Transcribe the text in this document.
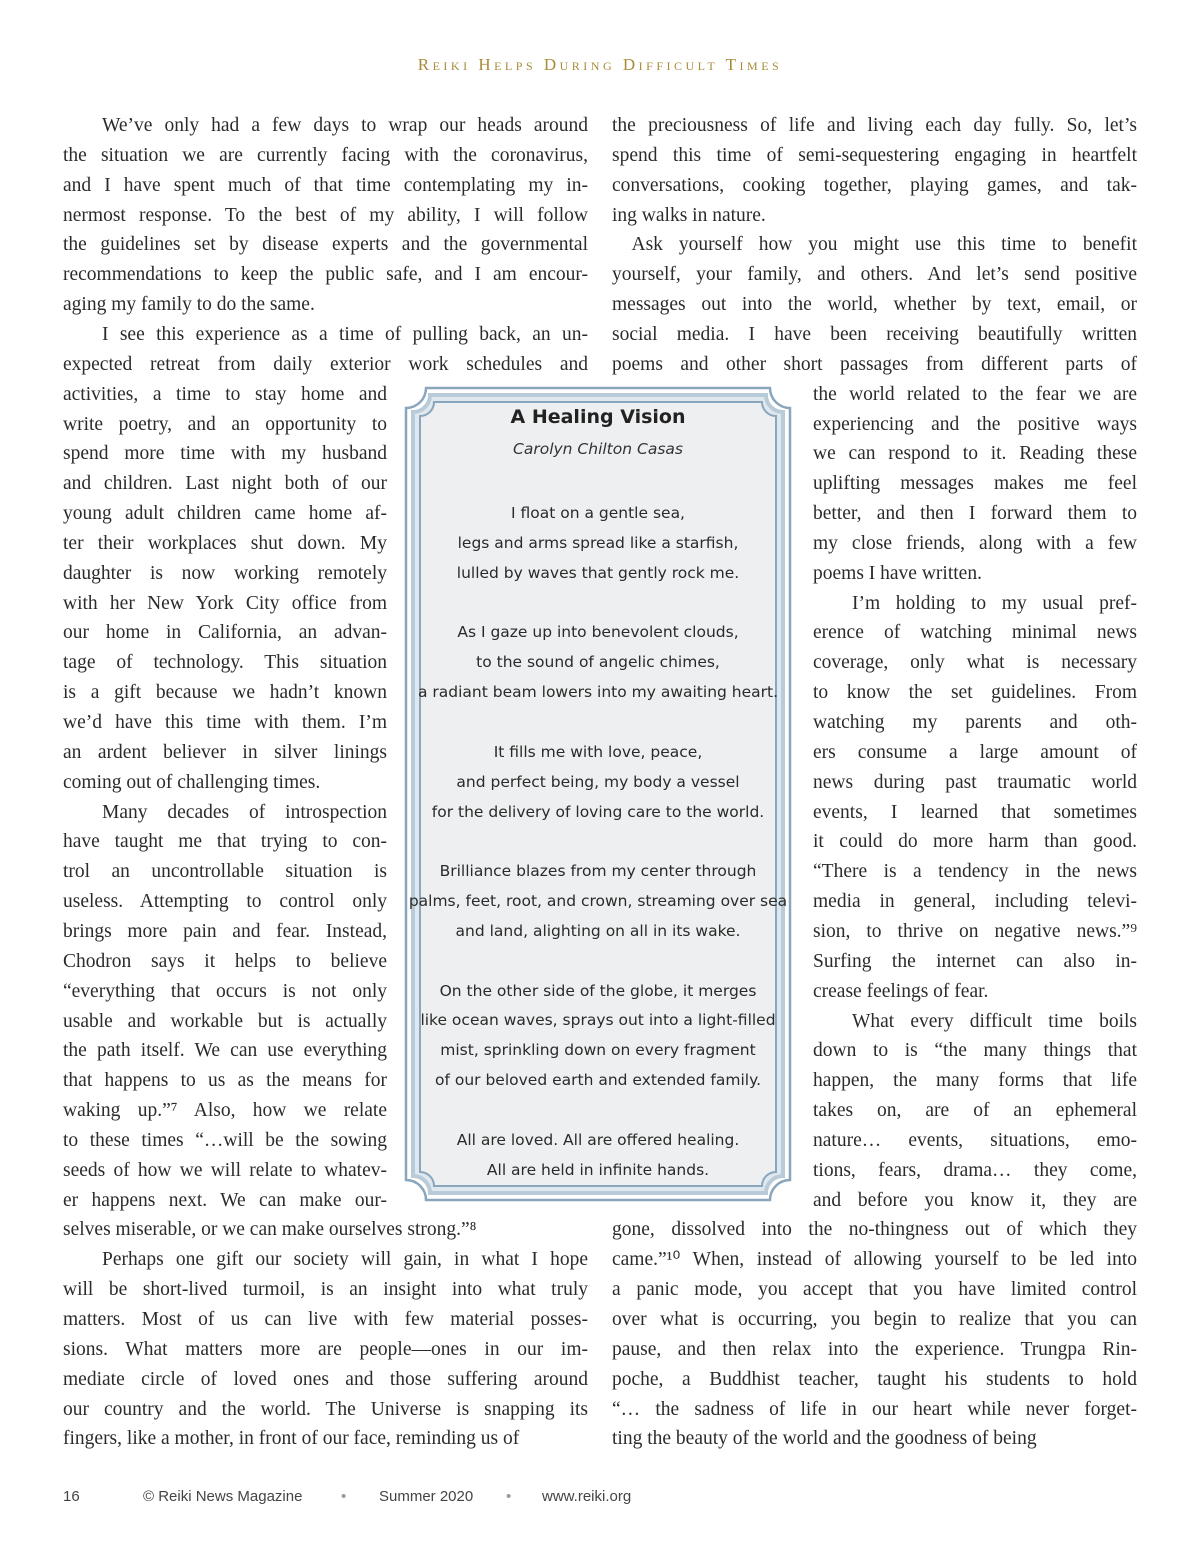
Reiki Helps During Difficult Times
  We’ve only had a few days to wrap our heads around
the situation we are currently facing with the coronavirus,
and I have spent much of that time contemplating my in-
nermost response. To the best of my ability, I will follow
the guidelines set by disease experts and the governmental
recommendations to keep the public safe, and I am encour-
aging my family to do the same.
  I see this experience as a time of pulling back, an un-
expected retreat from daily exterior work schedules and
activities, a time to stay home and
write poetry, and an opportunity to
spend more time with my husband
and children. Last night both of our
young adult children came home af-
ter their workplaces shut down. My
daughter is now working remotely
with her New York City office from
our home in California, an advan-
tage of technology. This situation
is a gift because we hadn’t known
we’d have this time with them. I’m
an ardent believer in silver linings
coming out of challenging times.
  Many decades of introspection
have taught me that trying to con-
trol an uncontrollable situation is
useless. Attempting to control only
brings more pain and fear. Instead,
Chodron says it helps to believe
“everything that occurs is not only
usable and workable but is actually
the path itself. We can use everything
that happens to us as the means for
waking up.”⁷ Also, how we relate
to these times “…will be the sowing
seeds of how we will relate to whatev-
er happens next. We can make our-
selves miserable, or we can make ourselves strong.”⁸
  Perhaps one gift our society will gain, in what I hope
will be short-lived turmoil, is an insight into what truly
matters. Most of us can live with few material posses-
sions. What matters more are people—ones in our im-
mediate circle of loved ones and those suffering around
our country and the world. The Universe is snapping its
fingers, like a mother, in front of our face, reminding us of
the preciousness of life and living each day fully. So, let’s
spend this time of semi-sequestering engaging in heartfelt
conversations, cooking together, playing games, and tak-
ing walks in nature.
 Ask yourself how you might use this time to benefit
yourself, your family, and others. And let’s send positive
messages out into the world, whether by text, email, or
social media. I have been receiving beautifully written
poems and other short passages from different parts of
the world related to the fear we are
experiencing and the positive ways
we can respond to it. Reading these
uplifting messages makes me feel
better, and then I forward them to
my close friends, along with a few
poems I have written.
  I’m holding to my usual pref-
erence of watching minimal news
coverage, only what is necessary
to know the set guidelines. From
watching my parents and oth-
ers consume a large amount of
news during past traumatic world
events, I learned that sometimes
it could do more harm than good.
“There is a tendency in the news
media in general, including televi-
sion, to thrive on negative news.”⁹
Surfing the internet can also in-
crease feelings of fear.
  What every difficult time boils
down to is “the many things that
happen, the many forms that life
takes on, are of an ephemeral
nature… events, situations, emo-
tions, fears, drama… they come,
and before you know it, they are
gone, dissolved into the no-thingness out of which they
came.”¹⁰ When, instead of allowing yourself to be led into
a panic mode, you accept that you have limited control
over what is occurring, you begin to realize that you can
pause, and then relax into the experience. Trungpa Rin-
poche, a Buddhist teacher, taught his students to hold
“… the sadness of life in our heart while never forget-
ting the beauty of the world and the goodness of being
A Healing Vision
Carolyn Chilton Casas
I float on a gentle sea,
legs and arms spread like a starfish,
lulled by waves that gently rock me.
As I gaze up into benevolent clouds,
to the sound of angelic chimes,
a radiant beam lowers into my awaiting heart.
It fills me with love, peace,
and perfect being, my body a vessel
for the delivery of loving care to the world.
Brilliance blazes from my center through
palms, feet, root, and crown, streaming over sea
and land, alighting on all in its wake.
On the other side of the globe, it merges
like ocean waves, sprays out into a light-filled
mist, sprinkling down on every fragment
of our beloved earth and extended family.
All are loved. All are offered healing.
All are held in infinite hands.
16	© Reiki News Magazine	• Summer 2020 • www.reiki.org
